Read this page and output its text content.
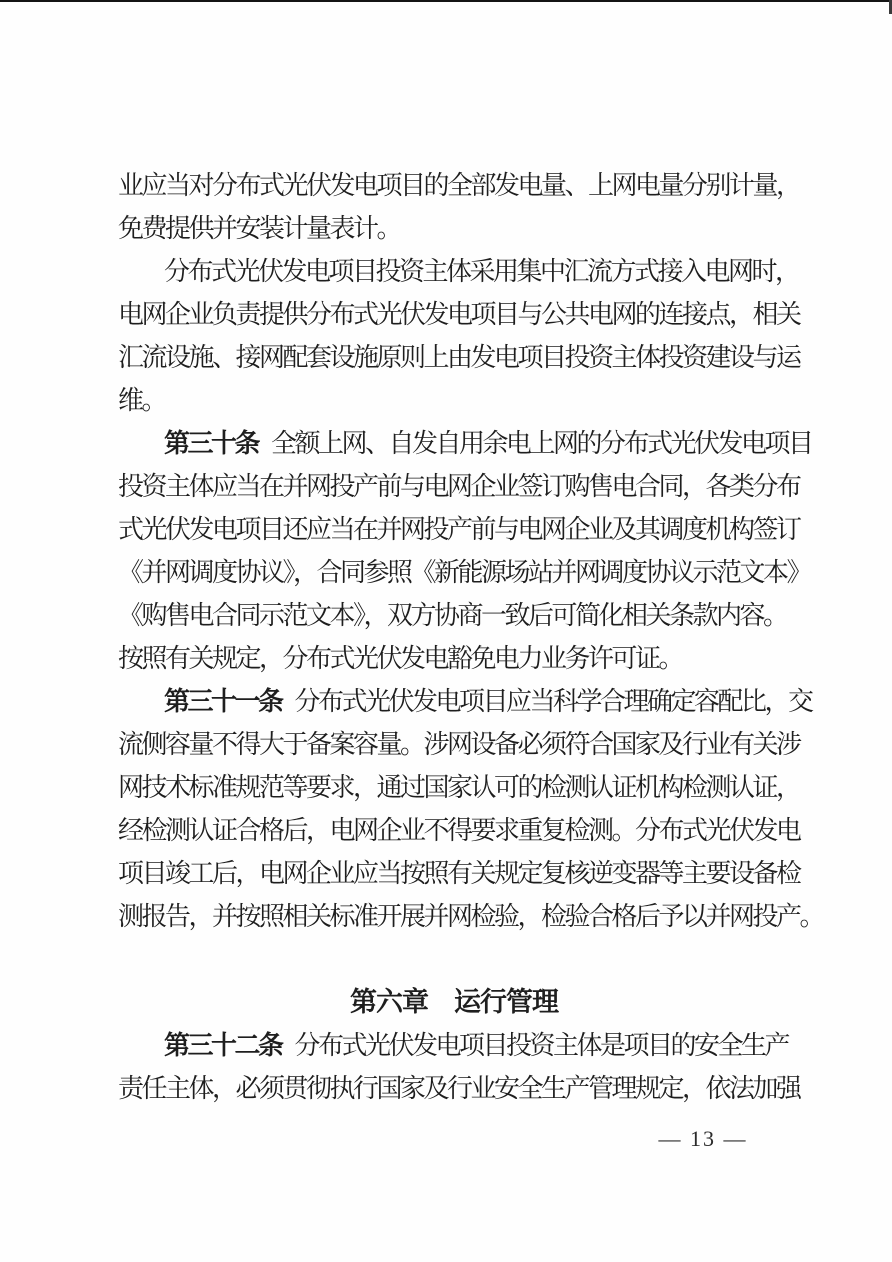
业应当对分布式光伏发电项目的全部发电量、上网电量分别计量，
免费提供并安装计量表计。
分布式光伏发电项目投资主体采用集中汇流方式接入电网时，
电网企业负责提供分布式光伏发电项目与公共电网的连接点，相关
汇流设施、接网配套设施原则上由发电项目投资主体投资建设与运
维。
第三十条 全额上网、自发自用余电上网的分布式光伏发电项目
投资主体应当在并网投产前与电网企业签订购售电合同，各类分布
式光伏发电项目还应当在并网投产前与电网企业及其调度机构签订
《并网调度协议》，合同参照《新能源场站并网调度协议示范文本》
《购售电合同示范文本》，双方协商一致后可简化相关条款内容。
按照有关规定，分布式光伏发电豁免电力业务许可证。
第三十一条 分布式光伏发电项目应当科学合理确定容配比，交
流侧容量不得大于备案容量。涉网设备必须符合国家及行业有关涉
网技术标准规范等要求，通过国家认可的检测认证机构检测认证，
经检测认证合格后，电网企业不得要求重复检测。分布式光伏发电
项目竣工后，电网企业应当按照有关规定复核逆变器等主要设备检
测报告，并按照相关标准开展并网检验，检验合格后予以并网投产。
第六章 运行管理
第三十二条 分布式光伏发电项目投资主体是项目的安全生产
责任主体，必须贯彻执行国家及行业安全生产管理规定，依法加强
— 13 —
